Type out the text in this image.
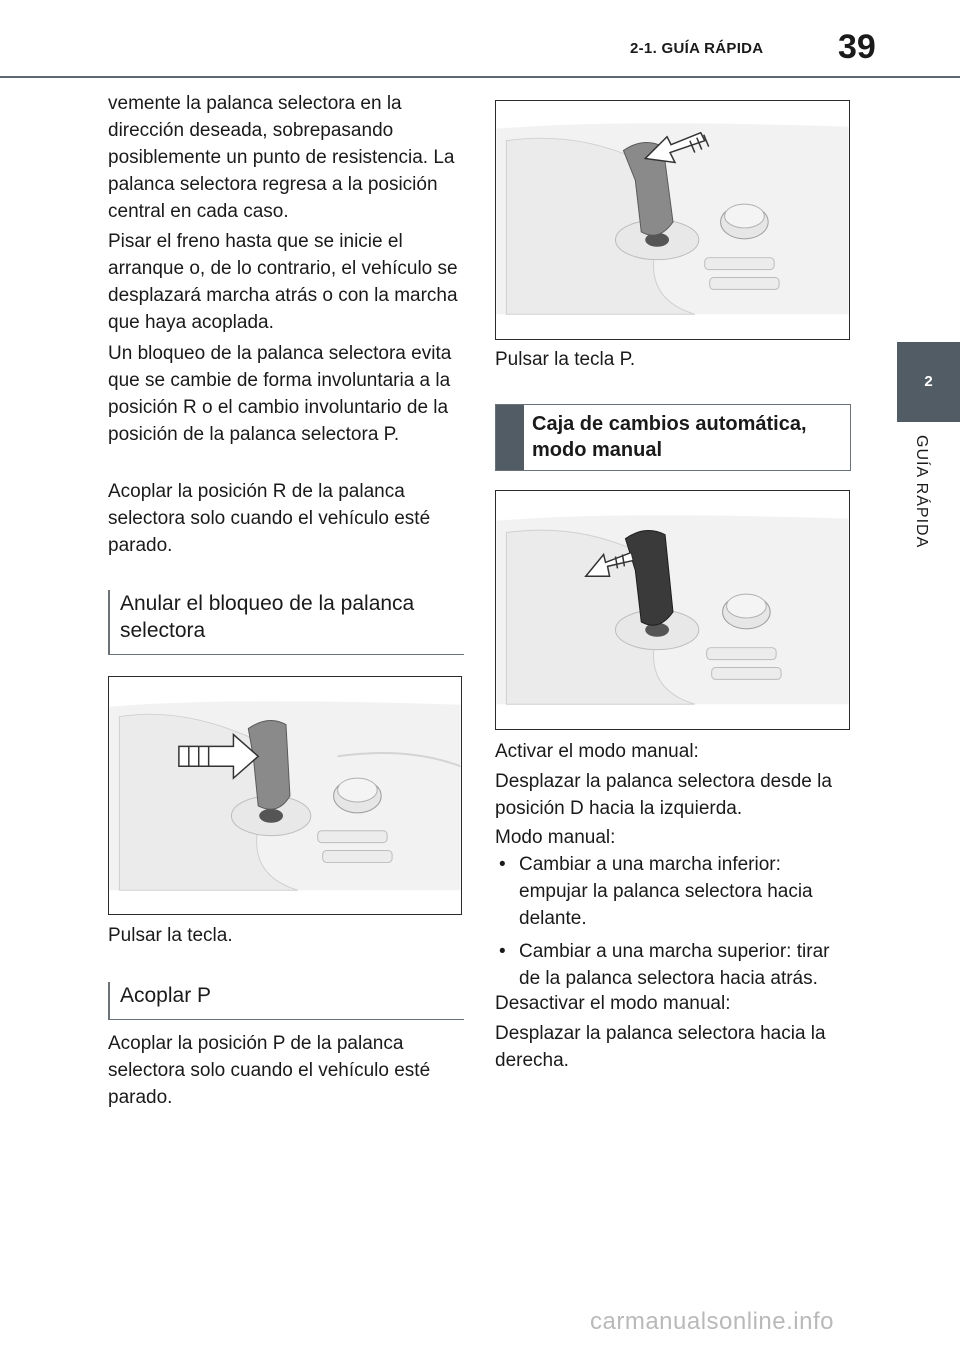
2-1. GUÍA RÁPIDA 39
2
GUÍA RÁPIDA

vemente la palanca selectora en la dirección deseada, sobrepasando posiblemente un punto de resistencia. La palanca selectora regresa a la posición central en cada caso.

Pisar el freno hasta que se inicie el arranque o, de lo contrario, el vehículo se desplazará marcha atrás o con la marcha que haya acoplada.

Un bloqueo de la palanca selectora evita que se cambie de forma involuntaria a la posición R o el cambio involuntario de la posición de la palanca selectora P.

Acoplar la posición R de la palanca selectora solo cuando el vehículo esté parado.

Anular el bloqueo de la palanca selectora

Pulsar la tecla.

Acoplar P

Acoplar la posición P de la palanca selectora solo cuando el vehículo esté parado.

Pulsar la tecla P.

Caja de cambios automática, modo manual

Activar el modo manual:

Desplazar la palanca selectora desde la posición D hacia la izquierda.

Modo manual:

• Cambiar a una marcha inferior: empujar la palanca selectora hacia delante.
• Cambiar a una marcha superior: tirar de la palanca selectora hacia atrás.

Desactivar el modo manual:

Desplazar la palanca selectora hacia la derecha.

carmanualsonline.info
